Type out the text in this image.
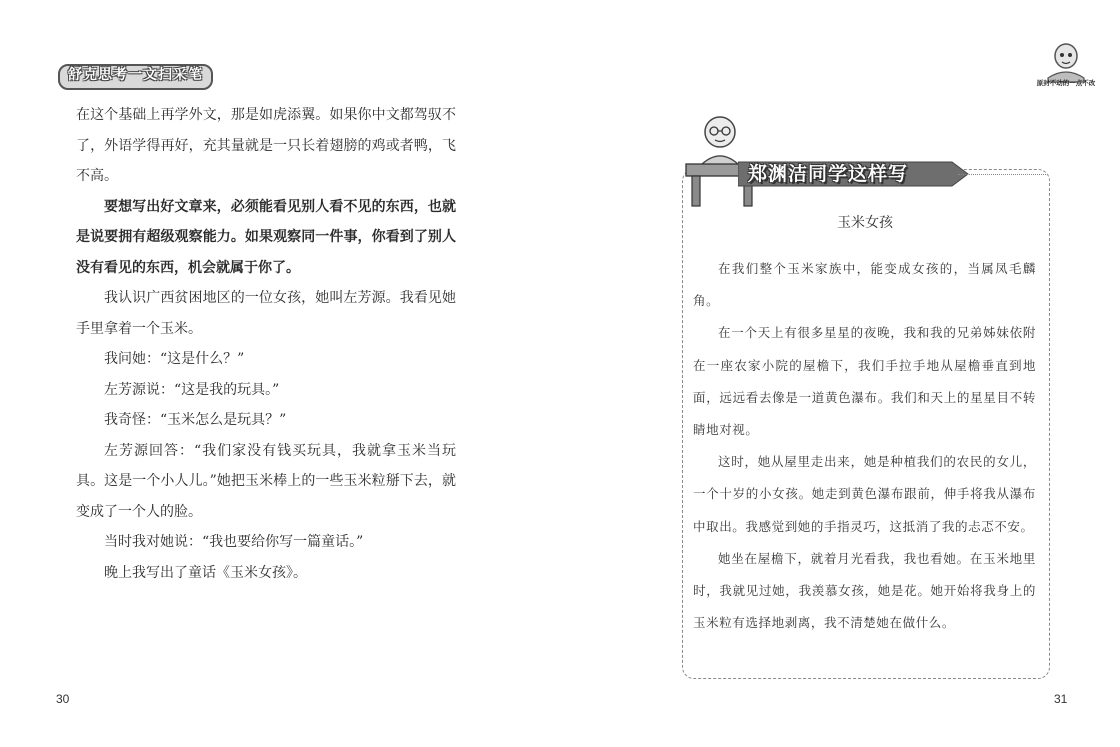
舒克思考一文扫采笔

在这个基础上再学外文，那是如虎添翼。如果你中文都驾驭不了，外语学得再好，充其量就是一只长着翅膀的鸡或者鸭，飞不高。

要想写出好文章来，必须能看见别人看不见的东西，也就是说要拥有超级观察能力。如果观察同一件事，你看到了别人没有看见的东西，机会就属于你了。

我认识广西贫困地区的一位女孩，她叫左芳源。我看见她手里拿着一个玉米。

我问她：“这是什么？”

左芳源说：“这是我的玩具。”

我奇怪：“玉米怎么是玩具？”

左芳源回答：“我们家没有钱买玩具，我就拿玉米当玩具。这是一个小人儿。”她把玉米棒上的一些玉米粒掰下去，就变成了一个人的脸。

当时我对她说：“我也要给你写一篇童话。”

晚上我写出了童话《玉米女孩》。

30
原封不动的一点不改
郑渊洁同学这样写
玉米女孩

在我们整个玉米家族中，能变成女孩的，当属凤毛麟角。

在一个天上有很多星星的夜晚，我和我的兄弟姊妹依附在一座农家小院的屋檐下，我们手拉手地从屋檐垂直到地面，远远看去像是一道黄色瀑布。我们和天上的星星目不转睛地对视。

这时，她从屋里走出来，她是种植我们的农民的女儿，一个十岁的小女孩。她走到黄色瀑布跟前，伸手将我从瀑布中取出。我感觉到她的手指灵巧，这抵消了我的忐忑不安。

她坐在屋檐下，就着月光看我，我也看她。在玉米地里时，我就见过她，我羡慕女孩，她是花。她开始将我身上的玉米粒有选择地剥离，我不清楚她在做什么。

31
